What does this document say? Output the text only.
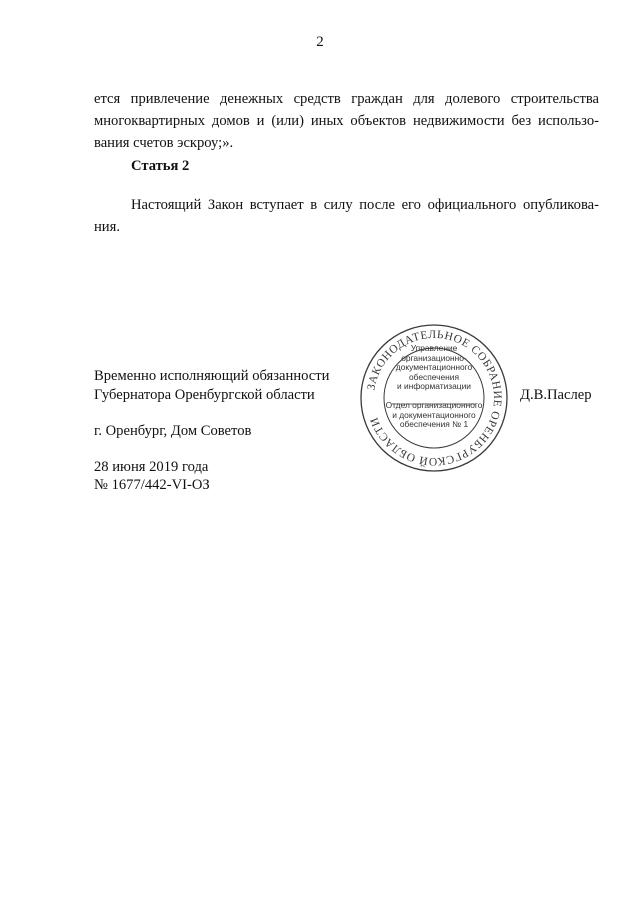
2
ется привлечение денежных средств граждан для долевого строительства
многоквартирных домов и (или) иных объектов недвижимости без использо-
вания счетов эскроу;».
Статья 2
Настоящий Закон вступает в силу после его официального опубликова-
ния.
Временно исполняющий обязанности
Губернатора Оренбургской области	Д.В.Паслер
г. Оренбург, Дом Советов
28 июня 2019 года
№ 1677/442-VI-ОЗ
ЗАКОНОДАТЕЛЬНОЕ СОБРАНИЕ ОРЕНБУРГСКОЙ ОБЛАСТИ
Управление
организационно-
документационного
обеспечения
и информатизации
Отдел организационного
и документационного
обеспечения № 1
